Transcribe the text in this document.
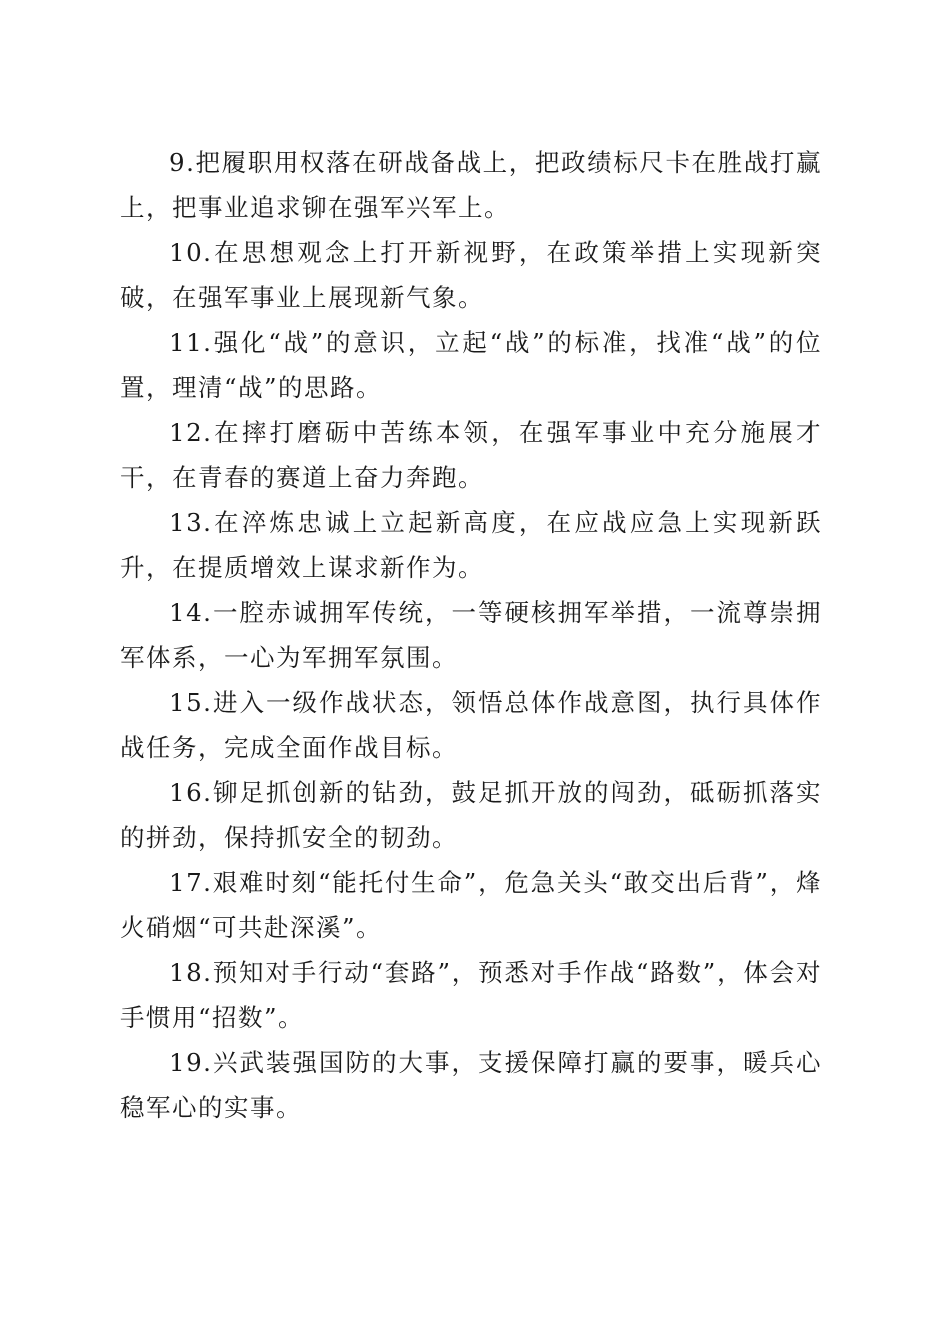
9.把履职用权落在研战备战上，把政绩标尺卡在胜战打赢上，把事业追求铆在强军兴军上。

10.在思想观念上打开新视野，在政策举措上实现新突破，在强军事业上展现新气象。

11.强化“战”的意识，立起“战”的标准，找准“战”的位置，理清“战”的思路。

12.在摔打磨砺中苦练本领，在强军事业中充分施展才干，在青春的赛道上奋力奔跑。

13.在淬炼忠诚上立起新高度，在应战应急上实现新跃升，在提质增效上谋求新作为。

14.一腔赤诚拥军传统，一等硬核拥军举措，一流尊崇拥军体系，一心为军拥军氛围。

15.进入一级作战状态，领悟总体作战意图，执行具体作战任务，完成全面作战目标。

16.铆足抓创新的钻劲，鼓足抓开放的闯劲，砥砺抓落实的拼劲，保持抓安全的韧劲。

17.艰难时刻“能托付生命”，危急关头“敢交出后背”，烽火硝烟“可共赴深溪”。

18.预知对手行动“套路”，预悉对手作战“路数”，体会对手惯用“招数”。

19.兴武装强国防的大事，支援保障打赢的要事，暖兵心稳军心的实事。
